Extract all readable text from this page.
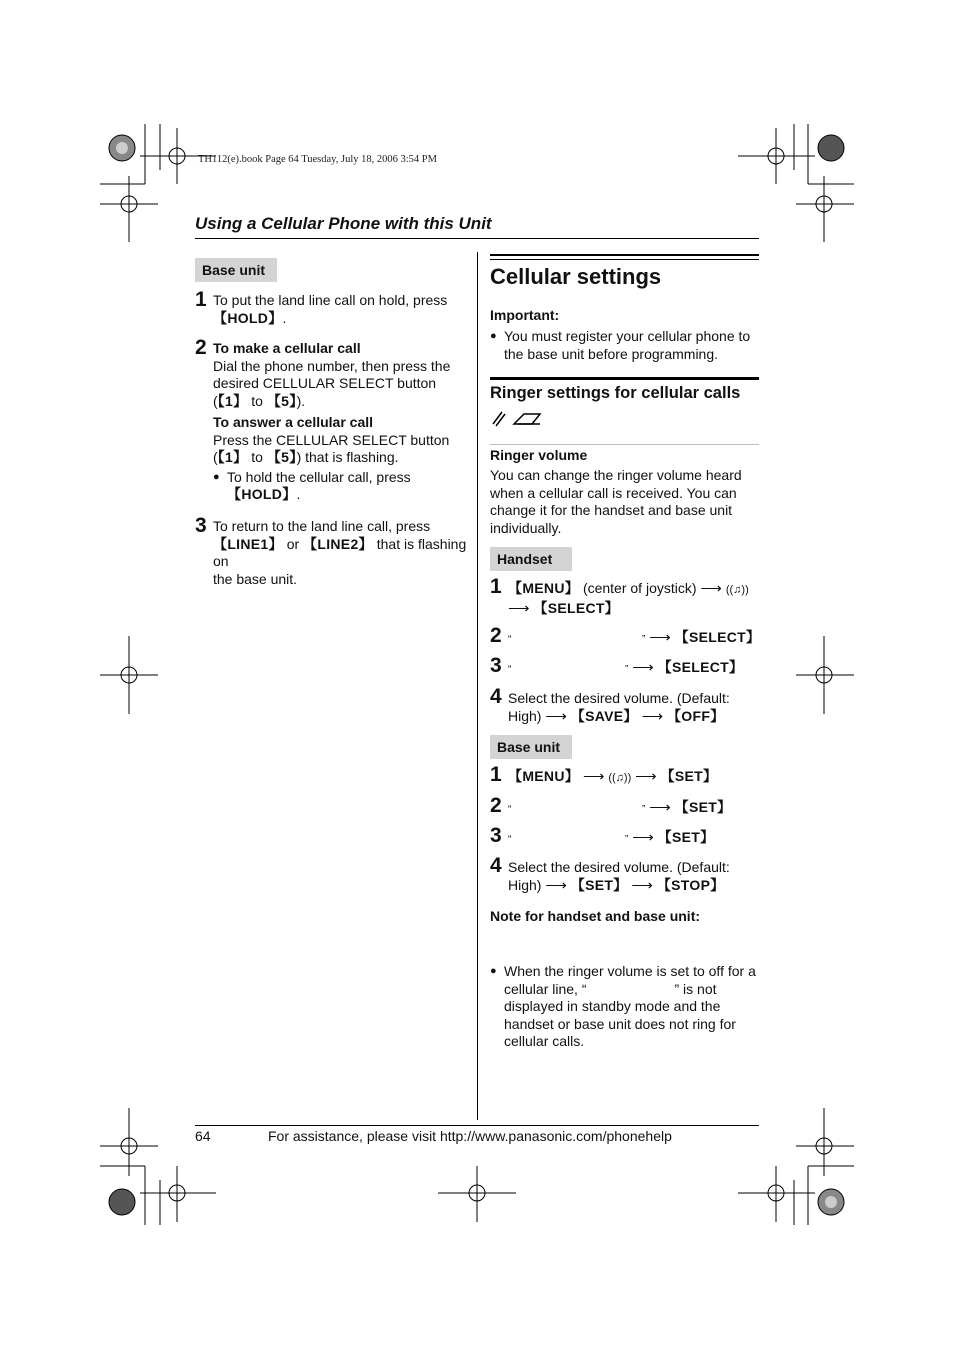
TH112(e).book Page 64 Tuesday, July 18, 2006 3:54 PM
Using a Cellular Phone with this Unit
Base unit
1 To put the land line call on hold, press
【HOLD】.
2 To make a cellular call
Dial the phone number, then press the
desired CELLULAR SELECT button
(【1】 to 【5】).
To answer a cellular call
Press the CELLULAR SELECT button
(【1】 to 【5】) that is flashing.
● To hold the cellular call, press
【HOLD】.
3 To return to the land line call, press
【LINE1】 or 【LINE2】 that is flashing on
the base unit.
Cellular settings
Important:
● You must register your cellular phone to
the base unit before programming.
Ringer settings for cellular calls
Ringer volume
You can change the ringer volume heard
when a cellular call is received. You can
change it for the handset and base unit
individually.
Handset
1 【MENU】 (center of joystick) ⟶ ((♫))
⟶ 【SELECT】
2 “	” ⟶ 【SELECT】
3 “	” ⟶ 【SELECT】
4 Select the desired volume. (Default:
High) ⟶ 【SAVE】 ⟶ 【OFF】
Base unit
1 【MENU】 ⟶ ((♫)) ⟶ 【SET】
2 “	” ⟶ 【SET】
3 “	” ⟶ 【SET】
4 Select the desired volume. (Default:
High) ⟶ 【SET】 ⟶ 【STOP】
Note for handset and base unit:
● When the ringer volume is set to off for a
cellular line, “	” is not
displayed in standby mode and the
handset or base unit does not ring for
cellular calls.
64	For assistance, please visit http://www.panasonic.com/phonehelp
